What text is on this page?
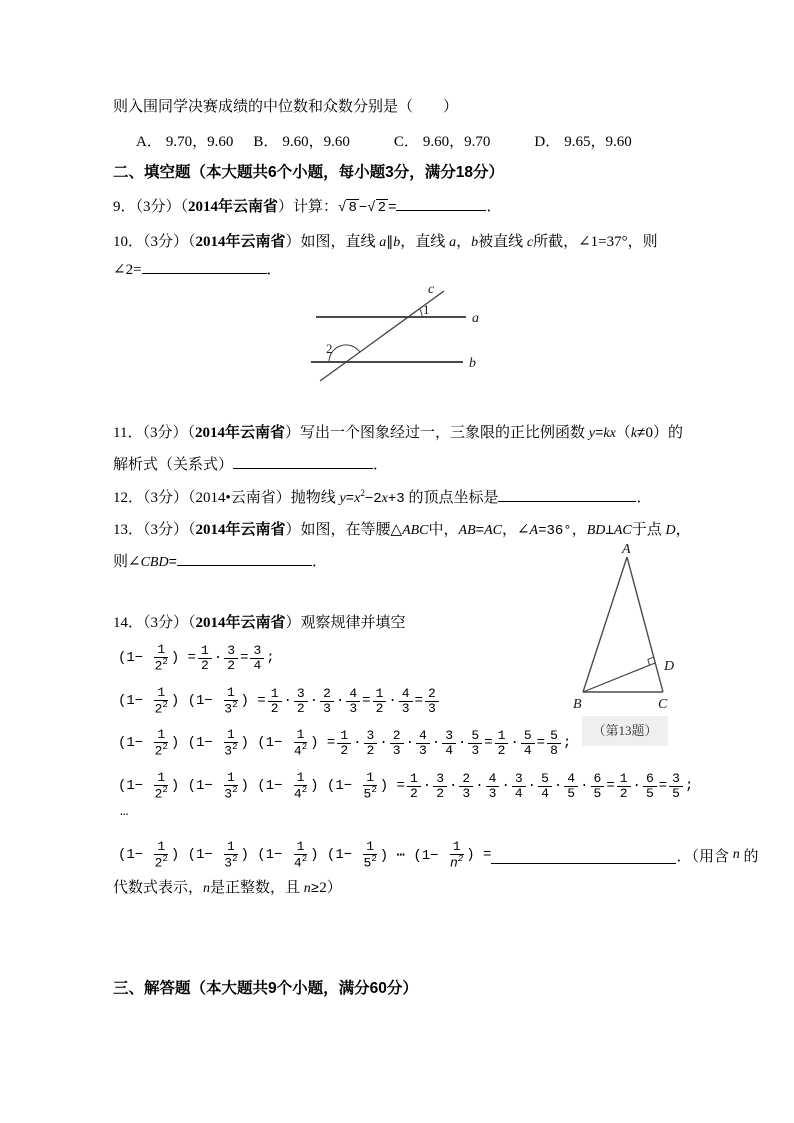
则入围同学决赛成绩的中位数和众数分别是（　　）
A． 9.70，9.60 B． 9.60，9.60	C． 9.60，9.70	D． 9.65，9.60
二、填空题（本大题共6个小题，每小题3分，满分18分）
9．（3分）（2014年云南省）计算：√ 8 −√ 2 =	．
10．（3分）（2014年云南省）如图，直线 a∥b，直线 a，b被直线 c所截，∠1=37°，则
∠2=	．
1
2
a
b
c
11．（3分）（2014年云南省）写出一个图象经过一，三象限的正比例函数 y=kx（k≠0）的
解析式（关系式）	．
12．（3分）（2014•云南省）抛物线 $y=x^2-2x+3$ 的顶点坐标是	．
13．（3分）（2014年云南省）如图，在等腰△ABC中，AB=AC，∠A=36°，BD⊥AC于点 D，
则∠CBD=	．
A
B	C
D
（第13题）
14．（3分）（2014年云南省）观察规律并填空
($1- \frac{1}{2^2}$ ) = $\frac{1}{2} \cdot \frac{3}{2} = \frac{3}{4}$ ;
($1- \frac{1}{2^2}$ ) ($1- \frac{1}{3^2}$ ) = $\frac{1}{2} \cdot \frac{3}{2} \cdot \frac{2}{3} \cdot \frac{4}{3} = \frac{1}{2} \cdot \frac{4}{3} = \frac{2}{3}$
($1- \frac{1}{2^2}$ ) ($1- \frac{1}{3^2}$ ) ($1- \frac{1}{4^2}$ ) = $\frac{1}{2} \cdot \frac{3}{2} \cdot \frac{2}{3} \cdot \frac{4}{3} \cdot \frac{3}{4} \cdot \frac{5}{3} = \frac{1}{2} \cdot \frac{5}{4} = \frac{5}{8}$ ;
($1- \frac{1}{2^2}$ ) ($1- \frac{1}{3^2}$ ) ($1- \frac{1}{4^2}$ ) ($1- \frac{1}{5^2}$ ) = $\frac{1}{2} \cdot \frac{3}{2} \cdot \frac{2}{3} \cdot \frac{4}{3} \cdot \frac{3}{4} \cdot \frac{5}{4} \cdot \frac{4}{5} \cdot \frac{6}{5} = \frac{1}{2} \cdot \frac{6}{5} = \frac{3}{5}$ ;
…
($1- \frac{1}{2^2}$ ) ($1- \frac{1}{3^2}$ ) ($1- \frac{1}{4^2}$ ) ($1- \frac{1}{5^2}$ ) ⋯ ($1- \frac{1}{n^2}$ ) =	．（用含 n 的
代数式表示，n是正整数，且 n≥2）
三、解答题（本大题共9个小题，满分60分）
